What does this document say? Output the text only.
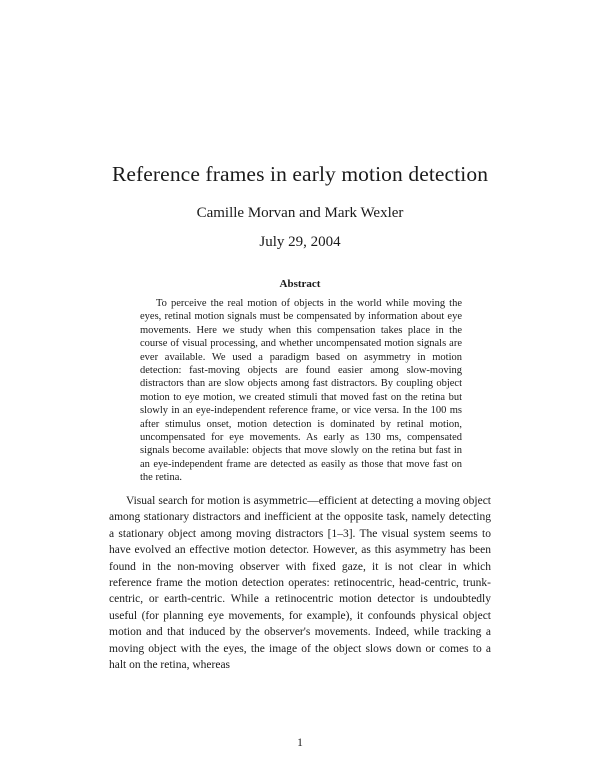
Reference frames in early motion detection
Camille Morvan and Mark Wexler
July 29, 2004
Abstract

To perceive the real motion of objects in the world while moving the eyes, retinal motion signals must be compensated by information about eye movements. Here we study when this compensation takes place in the course of visual processing, and whether uncompensated motion signals are ever available. We used a paradigm based on asymmetry in motion detection: fast-moving objects are found easier among slow-moving distractors than are slow objects among fast distractors. By coupling object motion to eye motion, we created stimuli that moved fast on the retina but slowly in an eye-independent reference frame, or vice versa. In the 100 ms after stimulus onset, motion detection is dominated by retinal motion, uncompensated for eye movements. As early as 130 ms, compensated signals become available: objects that move slowly on the retina but fast in an eye-independent frame are detected as easily as those that move fast on the retina.

Visual search for motion is asymmetric—efficient at detecting a moving object among stationary distractors and inefficient at the opposite task, namely detecting a stationary object among moving distractors [1–3]. The visual system seems to have evolved an effective motion detector. However, as this asymmetry has been found in the non-moving observer with fixed gaze, it is not clear in which reference frame the motion detection operates: retinocentric, head-centric, trunk-centric, or earth-centric. While a retinocentric motion detector is undoubtedly useful (for planning eye movements, for example), it confounds physical object motion and that induced by the observer's movements. Indeed, while tracking a moving object with the eyes, the image of the object slows down or comes to a halt on the retina, whereas

1
